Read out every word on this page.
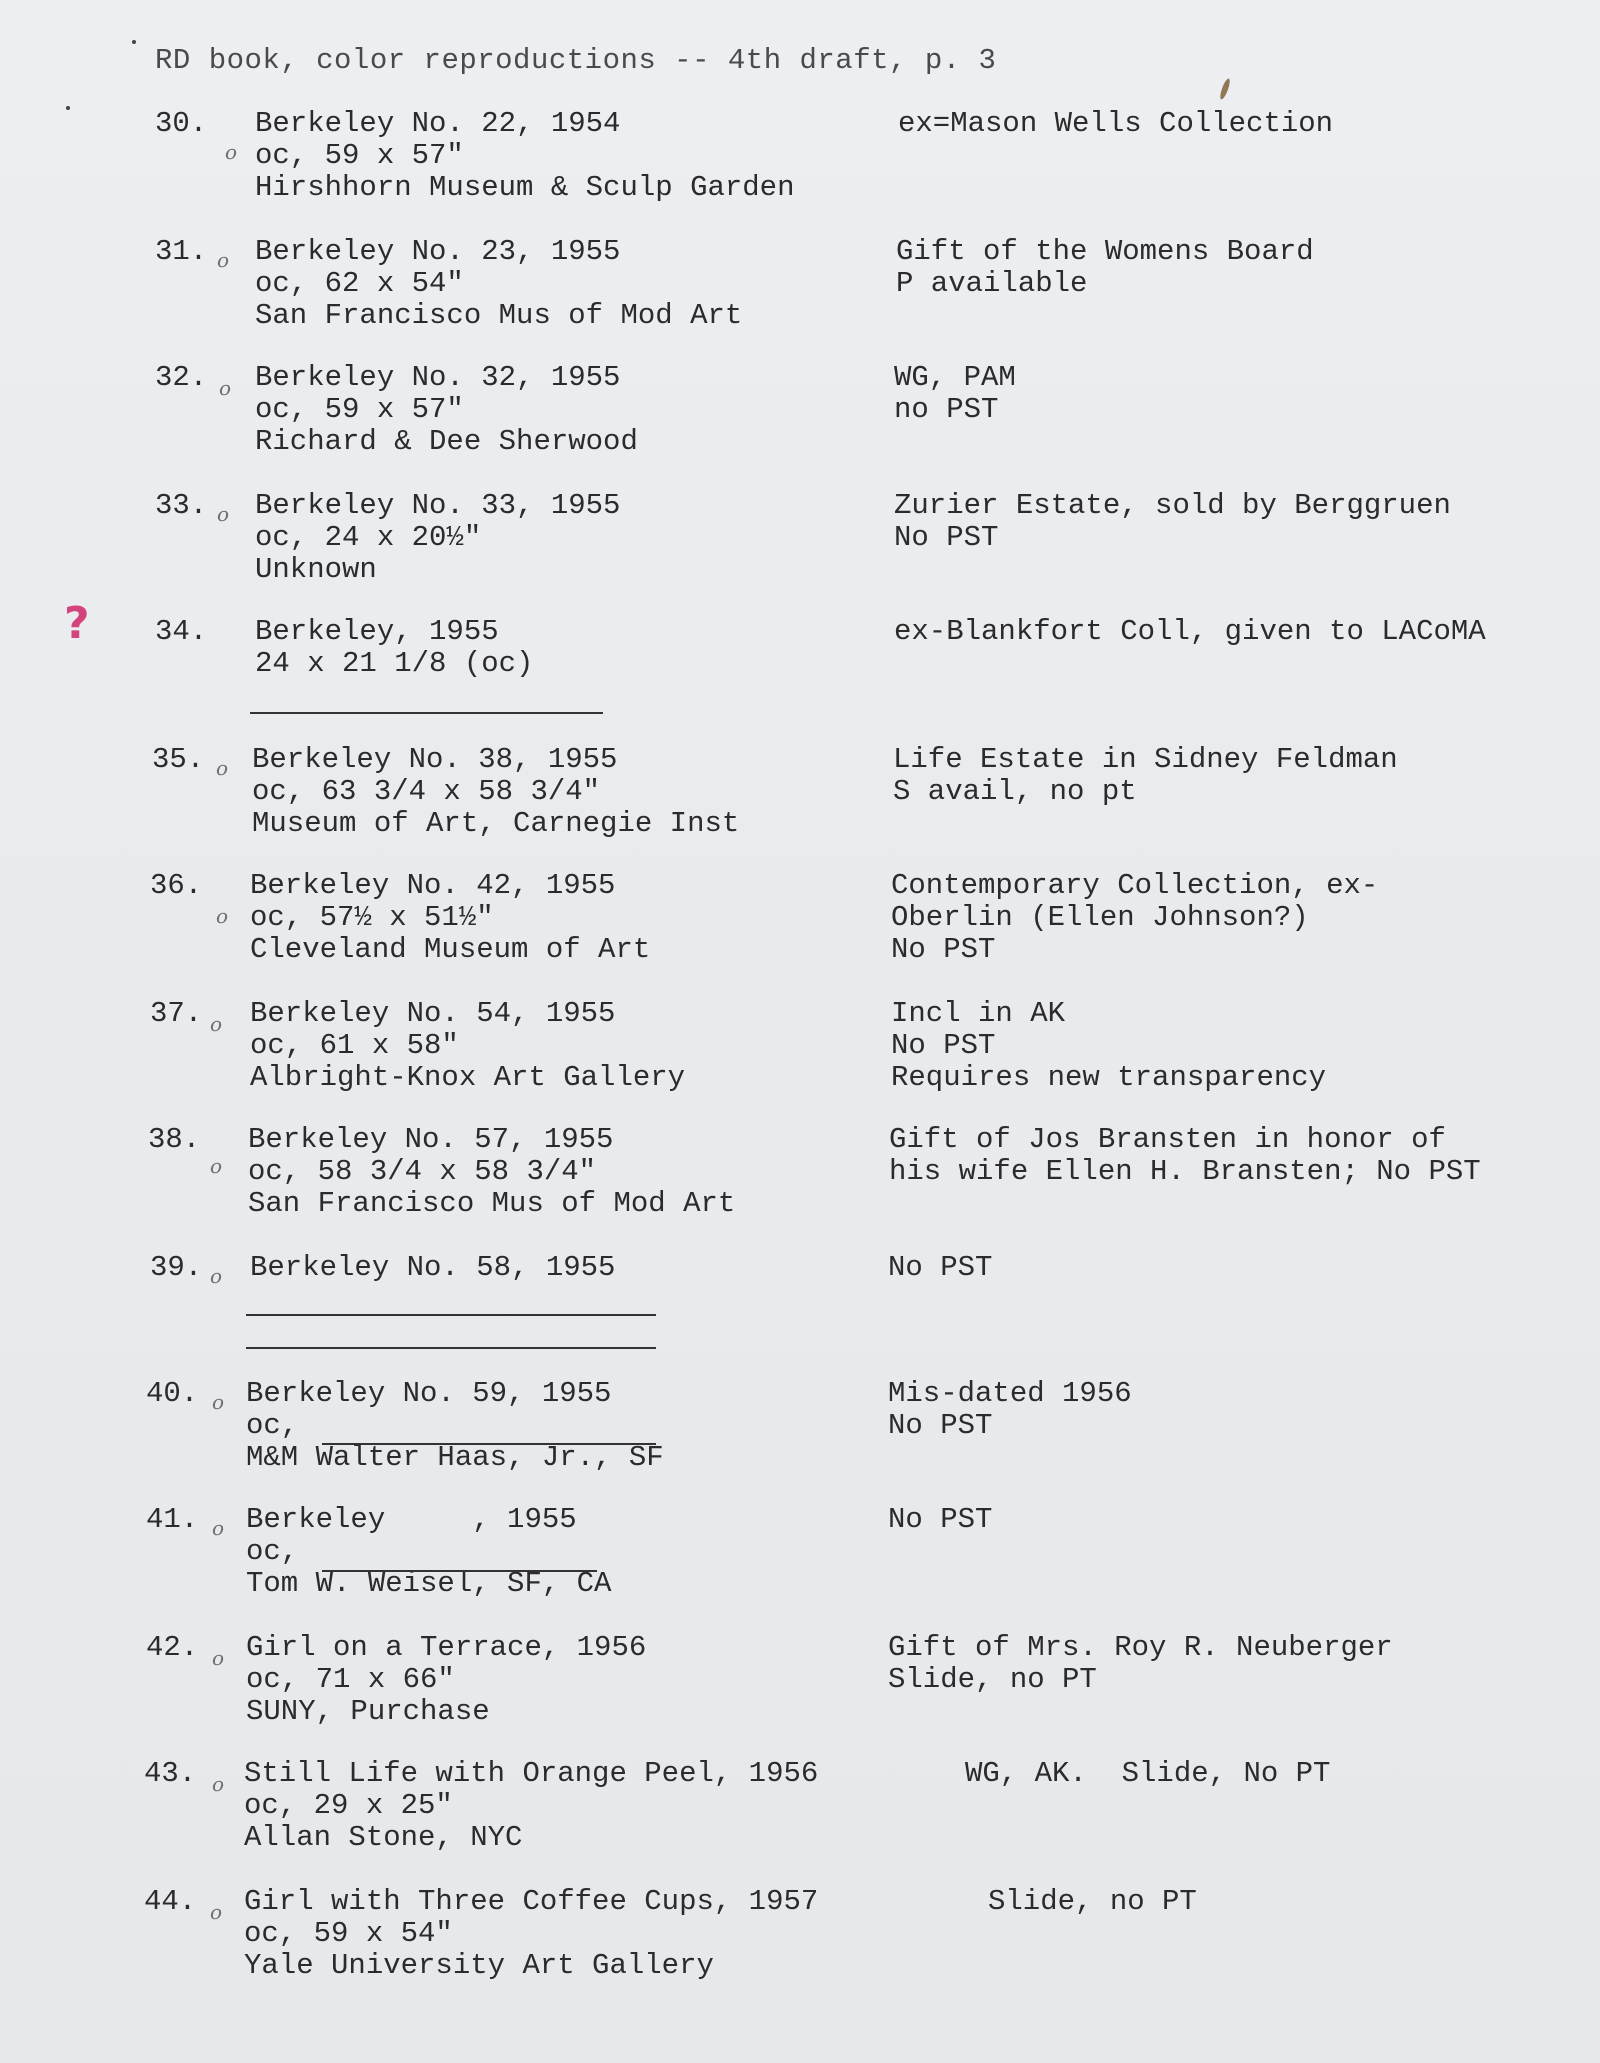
RD book, color reproductions -- 4th draft, p. 3
?
30.
o
Berkeley No. 22, 1954
oc, 59 x 57"
Hirshhorn Museum & Sculp Garden
ex=Mason Wells Collection
31. o Berkeley No. 23, 1955
oc, 62 x 54"
San Francisco Mus of Mod Art
Gift of the Womens Board
P available
32. o Berkeley No. 32, 1955
oc, 59 x 57"
Richard & Dee Sherwood
WG, PAM
no PST
33. o Berkeley No. 33, 1955
oc, 24 x 20½"
Unknown
Zurier Estate, sold by Berggruen
No PST
34. Berkeley, 1955
24 x 21 1/8 (oc)
ex-Blankfort Coll, given to LACoMA
35. o Berkeley No. 38, 1955
oc, 63 3/4 x 58 3/4"
Museum of Art, Carnegie Inst
Life Estate in Sidney Feldman
S avail, no pt
36.
o
Berkeley No. 42, 1955
oc, 57½ x 51½"
Cleveland Museum of Art
Contemporary Collection, ex-
Oberlin (Ellen Johnson?)
No PST
37. o Berkeley No. 54, 1955
oc, 61 x 58"
Albright-Knox Art Gallery
Incl in AK
No PST
Requires new transparency
38.
o
Berkeley No. 57, 1955
oc, 58 3/4 x 58 3/4"
San Francisco Mus of Mod Art
Gift of Jos Bransten in honor of
his wife Ellen H. Bransten; No PST
39. o Berkeley No. 58, 1955	No PST
40. o Berkeley No. 59, 1955
oc,
M&M Walter Haas, Jr., SF
Mis-dated 1956
No PST
41. o Berkeley     , 1955
oc,
Tom W. Weisel, SF, CA
No PST
42. o Girl on a Terrace, 1956
oc, 71 x 66"
SUNY, Purchase
Gift of Mrs. Roy R. Neuberger
Slide, no PT
43. o Still Life with Orange Peel, 1956
oc, 29 x 25"
Allan Stone, NYC
WG, AK.  Slide, No PT
44. o Girl with Three Coffee Cups, 1957
oc, 59 x 54"
Yale University Art Gallery
Slide, no PT
